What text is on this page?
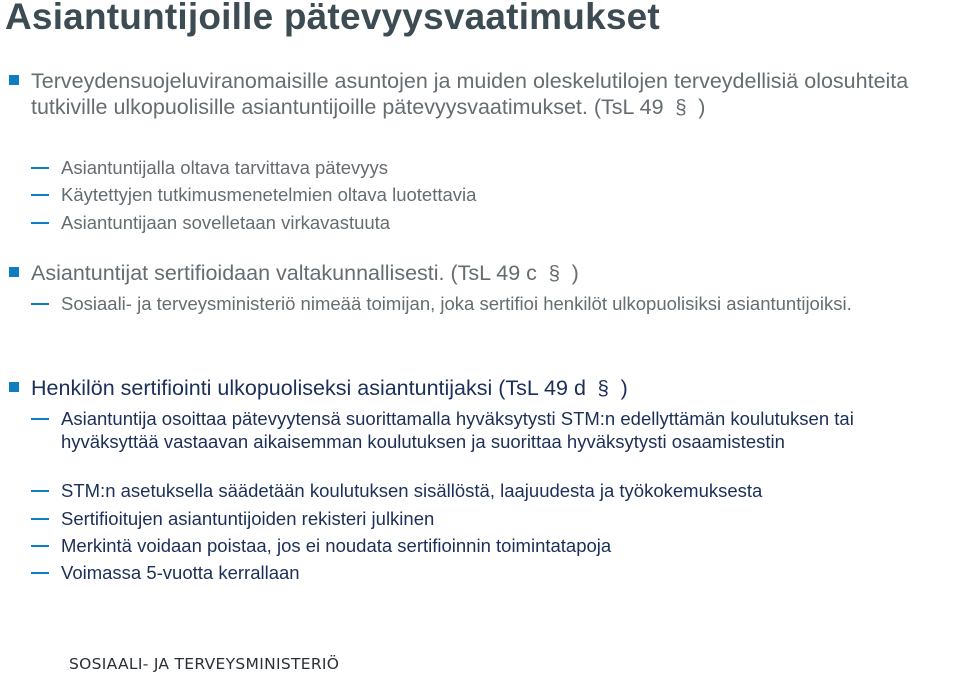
Asiantuntijoille pätevyysvaatimukset
Terveydensuojeluviranomaisille asuntojen ja muiden oleskelutilojen terveydellisiä olosuhteita tutkiville ulkopuolisille asiantuntijoille pätevyysvaatimukset. (TsL 49  §  )
Asiantuntijalla oltava tarvittava pätevyys
Käytettyjen tutkimusmenetelmien oltava luotettavia
Asiantuntijaan sovelletaan virkavastuuta
Asiantuntijat sertifioidaan valtakunnallisesti. (TsL 49 c  §  )
Sosiaali- ja terveysministeriö nimeää toimijan, joka sertifioi henkilöt ulkopuolisiksi asiantuntijoiksi.
Henkilön sertifiointi ulkopuoliseksi asiantuntijaksi (TsL 49 d  §  )
Asiantuntija osoittaa pätevyytensä suorittamalla hyväksytysti STM:n edellyttämän koulutuksen tai hyväksyttää vastaavan aikaisemman koulutuksen ja suorittaa hyväksytysti osaamistestin
STM:n asetuksella säädetään koulutuksen sisällöstä, laajuudesta ja työkokemuksesta
Sertifioitujen asiantuntijoiden rekisteri julkinen
Merkintä voidaan poistaa, jos ei noudata sertifioinnin toimintatapoja
Voimassa 5-vuotta kerrallaan
SOSIAALI- JA TERVEYSMINISTERIÖ
